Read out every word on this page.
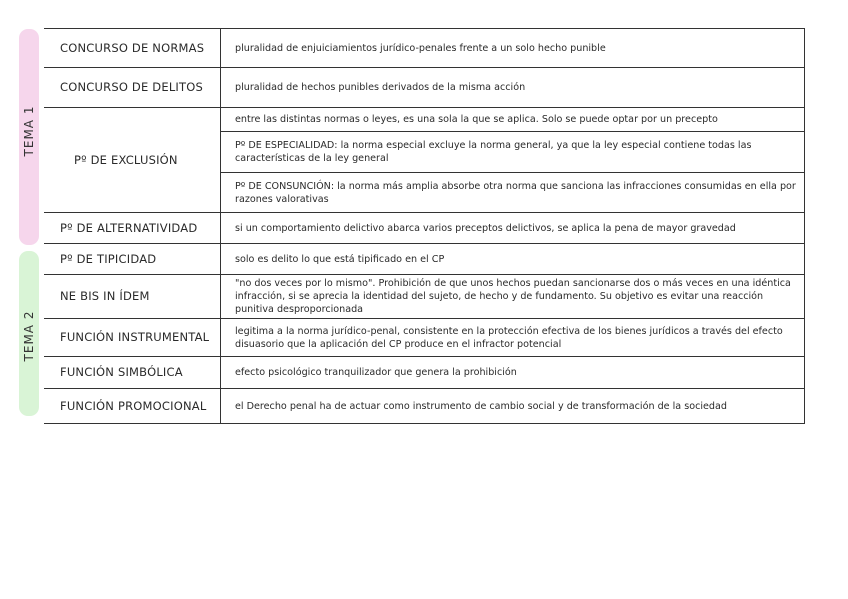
TEMA 1
TEMA 2
CONCURSO DE NORMAS	pluralidad de enjuiciamientos jurídico-penales frente a un solo hecho punible
CONCURSO DE DELITOS	pluralidad de hechos punibles derivados de la misma acción
Pº DE EXCLUSIÓN	entre las distintas normas o leyes, es una sola la que se aplica. Solo se puede optar por un precepto
	Pº DE ESPECIALIDAD: la norma especial excluye la norma general, ya que la ley especial contiene todas las características de la ley general
	Pº DE CONSUNCIÓN: la norma más amplia absorbe otra norma que sanciona las infracciones consumidas en ella por razones valorativas
Pº DE ALTERNATIVIDAD	si un comportamiento delictivo abarca varios preceptos delictivos, se aplica la pena de mayor gravedad
Pº DE TIPICIDAD	solo es delito lo que está tipificado en el CP
NE BIS IN ÍDEM	"no dos veces por lo mismo". Prohibición de que unos hechos puedan sancionarse dos o más veces en una idéntica infracción, si se aprecia la identidad del sujeto, de hecho y de fundamento. Su objetivo es evitar una reacción punitiva desproporcionada
FUNCIÓN INSTRUMENTAL	legitima a la norma jurídico-penal, consistente en la protección efectiva de los bienes jurídicos a través del efecto disuasorio que la aplicación del CP produce en el infractor potencial
FUNCIÓN SIMBÓLICA	efecto psicológico tranquilizador que genera la prohibición
FUNCIÓN PROMOCIONAL	el Derecho penal ha de actuar como instrumento de cambio social y de transformación de la sociedad
